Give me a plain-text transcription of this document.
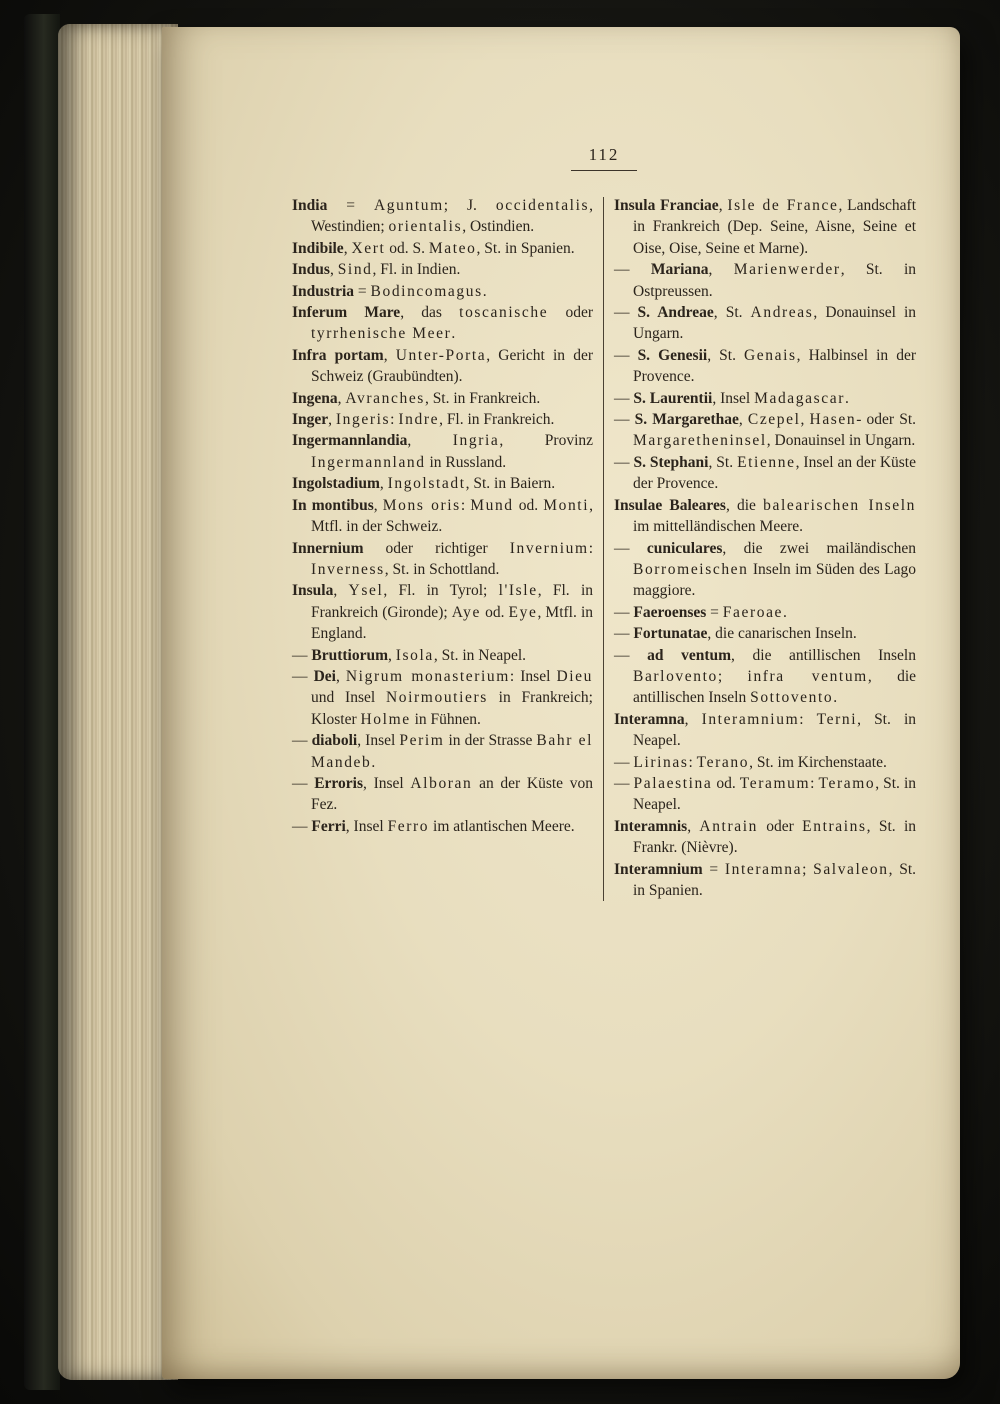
112

India = Aguntum; J. occidentalis, Westindien; orientalis, Ostindien.

Indibile, Xert od. S. Mateo, St. in Spanien.

Indus, Sind, Fl. in Indien.

Industria = Bodincomagus.

Inferum Mare, das toscanische oder tyrrhenische Meer.

Infra portam, Unter-Porta, Gericht in der Schweiz (Graubündten).

Ingena, Avranches, St. in Frankreich.

Inger, Ingeris: Indre, Fl. in Frankreich.

Ingermannlandia, Ingria, Provinz Ingermannland in Russland.

Ingolstadium, Ingolstadt, St. in Baiern.

In montibus, Mons oris: Mund od. Monti, Mtfl. in der Schweiz.

Innernium oder richtiger Invernium: Inverness, St. in Schottland.

Insula, Ysel, Fl. in Tyrol; l'Isle, Fl. in Frankreich (Gironde); Aye od. Eye, Mtfl. in England.

— Bruttiorum, Isola, St. in Neapel.

— Dei, Nigrum monasterium: Insel Dieu und Insel Noirmoutiers in Frankreich; Kloster Holme in Fühnen.

— diaboli, Insel Perim in der Strasse Bahr el Mandeb.

— Erroris, Insel Alboran an der Küste von Fez.

— Ferri, Insel Ferro im atlantischen Meere.

Insula Franciae, Isle de France, Landschaft in Frankreich (Dep. Seine, Aisne, Seine et Oise, Oise, Seine et Marne).

— Mariana, Marienwerder, St. in Ostpreussen.

— S. Andreae, St. Andreas, Donauinsel in Ungarn.

— S. Genesii, St. Genais, Halbinsel in der Provence.

— S. Laurentii, Insel Madagascar.

— S. Margarethae, Czepel, Hasen- oder St. Margaretheninsel, Donauinsel in Ungarn.

— S. Stephani, St. Etienne, Insel an der Küste der Provence.

Insulae Baleares, die balearischen Inseln im mittelländischen Meere.

— cuniculares, die zwei mailändischen Borromeischen Inseln im Süden des Lago maggiore.

— Faeroenses = Faeroae.

— Fortunatae, die canarischen Inseln.

— ad ventum, die antillischen Inseln Barlovento; infra ventum, die antillischen Inseln Sottovento.

Interamna, Interamnium: Terni, St. in Neapel.

— Lirinas: Terano, St. im Kirchenstaate.

— Palaestina od. Teramum: Teramo, St. in Neapel.

Interamnis, Antrain oder Entrains, St. in Frankr. (Nièvre).

Interamnium = Interamna; Salvaleon, St. in Spanien.
